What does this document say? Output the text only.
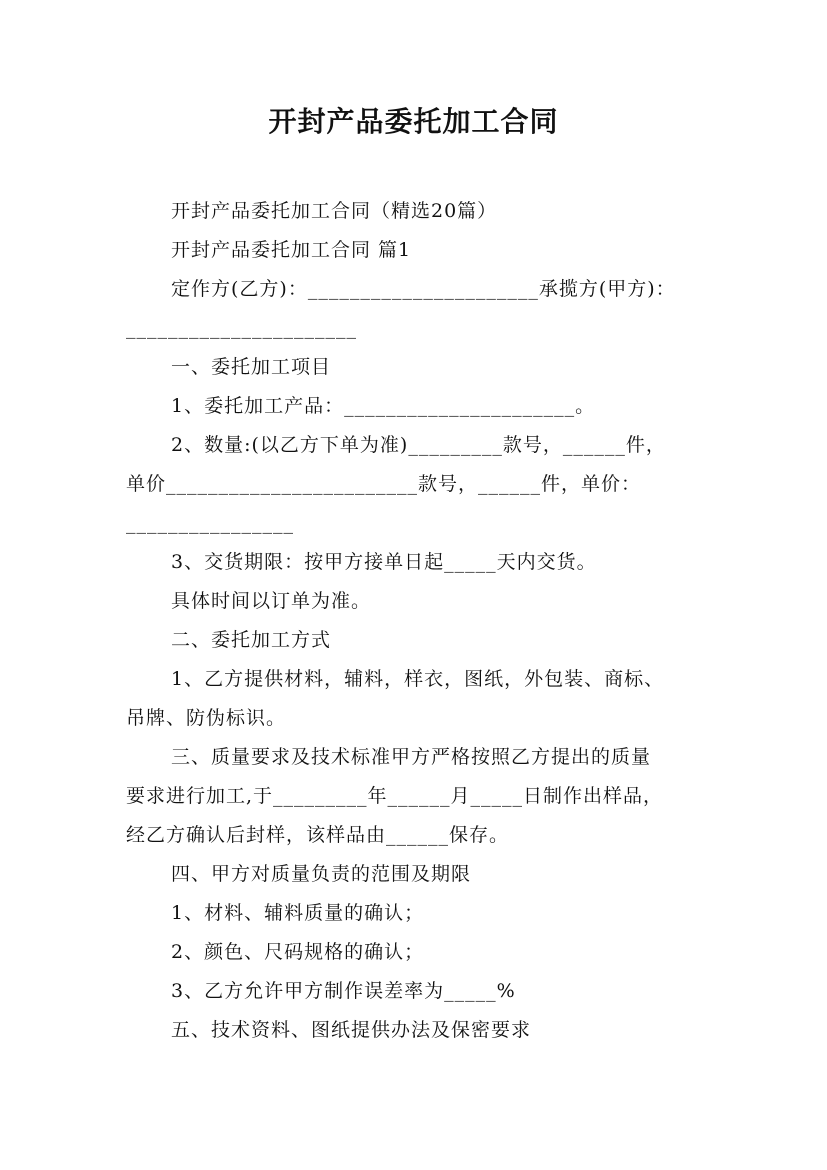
开封产品委托加工合同
开封产品委托加工合同（精选20篇）
开封产品委托加工合同 篇1
定作方(乙方)：______________________承揽方(甲方)：
______________________
一、委托加工项目
1、委托加工产品：______________________。
2、数量:(以乙方下单为准)_________款号，______件，
单价________________________款号，______件，单价：
________________
3、交货期限：按甲方接单日起_____天内交货。
具体时间以订单为准。
二、委托加工方式
1、乙方提供材料，辅料，样衣，图纸，外包装、商标、
吊牌、防伪标识。
三、质量要求及技术标准甲方严格按照乙方提出的质量
要求进行加工,于_________年______月_____日制作出样品，
经乙方确认后封样，该样品由______保存。
四、甲方对质量负责的范围及期限
1、材料、辅料质量的确认；
2、颜色、尺码规格的确认；
3、乙方允许甲方制作误差率为_____%
五、技术资料、图纸提供办法及保密要求
